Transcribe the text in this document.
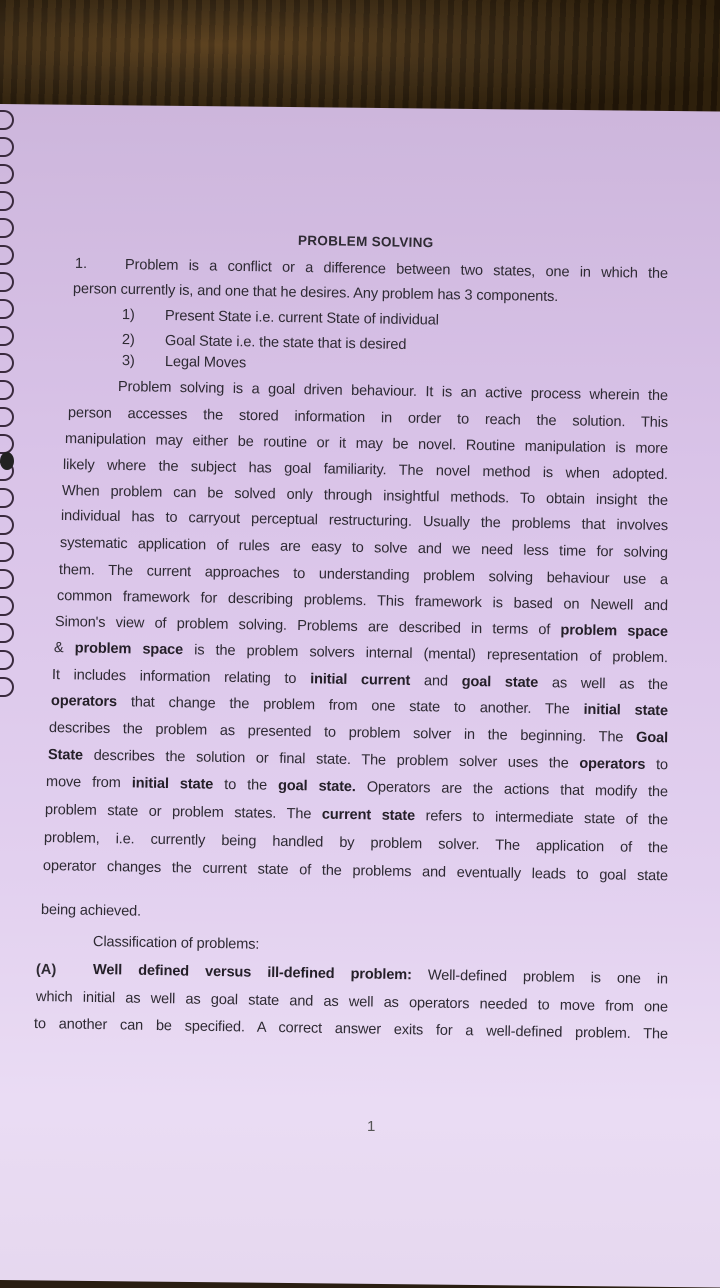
PROBLEM SOLVING
1.
(A)
Problem is a conflict or a difference between two states, one in which the
person currently is, and one that he desires. Any problem has 3 components.
1) Present State i.e. current State of individual
2) Goal State i.e. the state that is desired
3) Legal Moves
Problem solving is a goal driven behaviour. It is an active process wherein the
person accesses the stored information in order to reach the solution. This
manipulation may either be routine or it may be novel. Routine manipulation is more
likely where the subject has goal familiarity. The novel method is when adopted.
When problem can be solved only through insightful methods. To obtain insight the
individual has to carryout perceptual restructuring. Usually the problems that involves
systematic application of rules are easy to solve and we need less time for solving
them. The current approaches to understanding problem solving behaviour use a
common framework for describing problems. This framework is based on Newell and
Simon's view of problem solving. Problems are described in terms of problem space
& problem space is the problem solvers internal (mental) representation of problem.
It includes information relating to initial current and goal state as well as the
operators that change the problem from one state to another. The initial state
describes the problem as presented to problem solver in the beginning. The Goal
State describes the solution or final state. The problem solver uses the operators to
move from initial state to the goal state. Operators are the actions that modify the
problem state or problem states. The current state refers to intermediate state of the
problem, i.e. currently being handled by problem solver. The application of the
operator changes the current state of the problems and eventually leads to goal state
being achieved.
Classification of problems:
Well defined versus ill-defined problem: Well-defined problem is one in
which initial as well as goal state and as well as operators needed to move from one
to another can be specified. A correct answer exits for a well-defined problem. The
1
